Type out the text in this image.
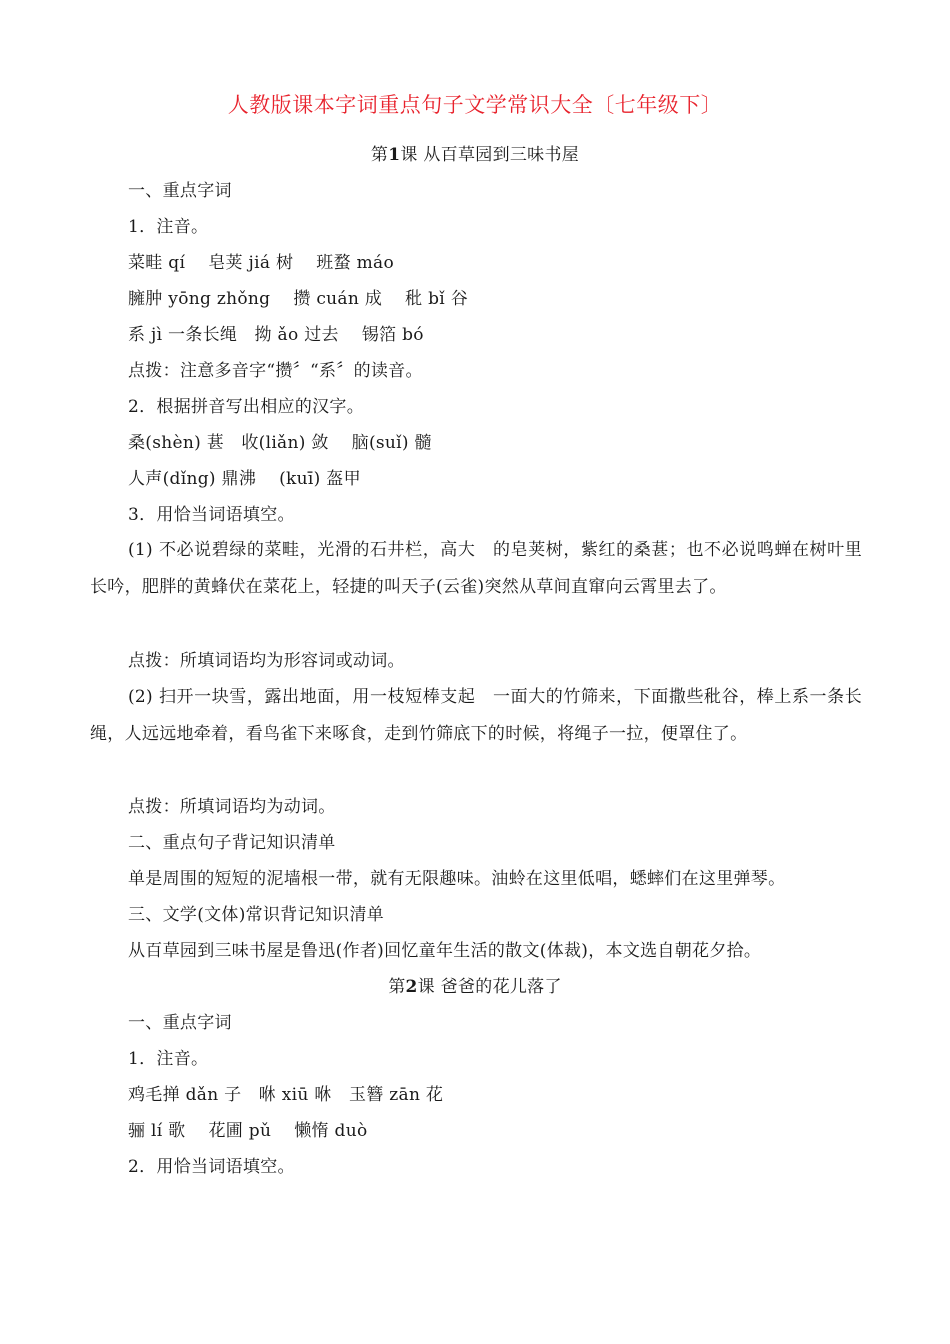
人教版课本字词重点句子文学常识大全〔七年级下〕
第1课 从百草园到三味书屋
一、重点字词
1．注音。
菜畦 qí　 皂荚 jiá 树　 班蝥 máo
臃肿 yōng zhǒng　 攒 cuán 成　 秕 bǐ 谷
系 jì 一条长绳　拗 ǎo 过去　 锡箔 bó
点拨：注意多音字“攒〞“系〞的读音。
2．根据拼音写出相应的汉字。
桑(shèn) 葚　收(liǎn) 敛　 脑(suǐ) 髓
人声(dǐng) 鼎沸　 (kuī) 盔甲
3．用恰当词语填空。
(1) 不必说碧绿的菜畦，光滑的石井栏，高大　的皂荚树，紫红的桑葚；也不必说鸣蝉在树叶里长吟，肥胖的黄蜂伏在菜花上，轻捷的叫天子(云雀)突然从草间直窜向云霄里去了。
点拨：所填词语均为形容词或动词。
(2) 扫开一块雪，露出地面，用一枝短棒支起　一面大的竹筛来，下面撒些秕谷，棒上系一条长绳，人远远地牵着，看鸟雀下来啄食，走到竹筛底下的时候，将绳子一拉，便罩住了。
点拨：所填词语均为动词。
二、重点句子背记知识清单
单是周围的短短的泥墙根一带，就有无限趣味。油蛉在这里低唱，蟋蟀们在这里弹琴。
三、文学(文体)常识背记知识清单
从百草园到三味书屋是鲁迅(作者)回忆童年生活的散文(体裁)，本文选自朝花夕拾。
第2课 爸爸的花儿落了
一、重点字词
1．注音。
鸡毛掸 dǎn 子　咻 xiū 咻　玉簪 zān 花
骊 lí 歌　 花圃 pǔ　 懒惰 duò
2．用恰当词语填空。
